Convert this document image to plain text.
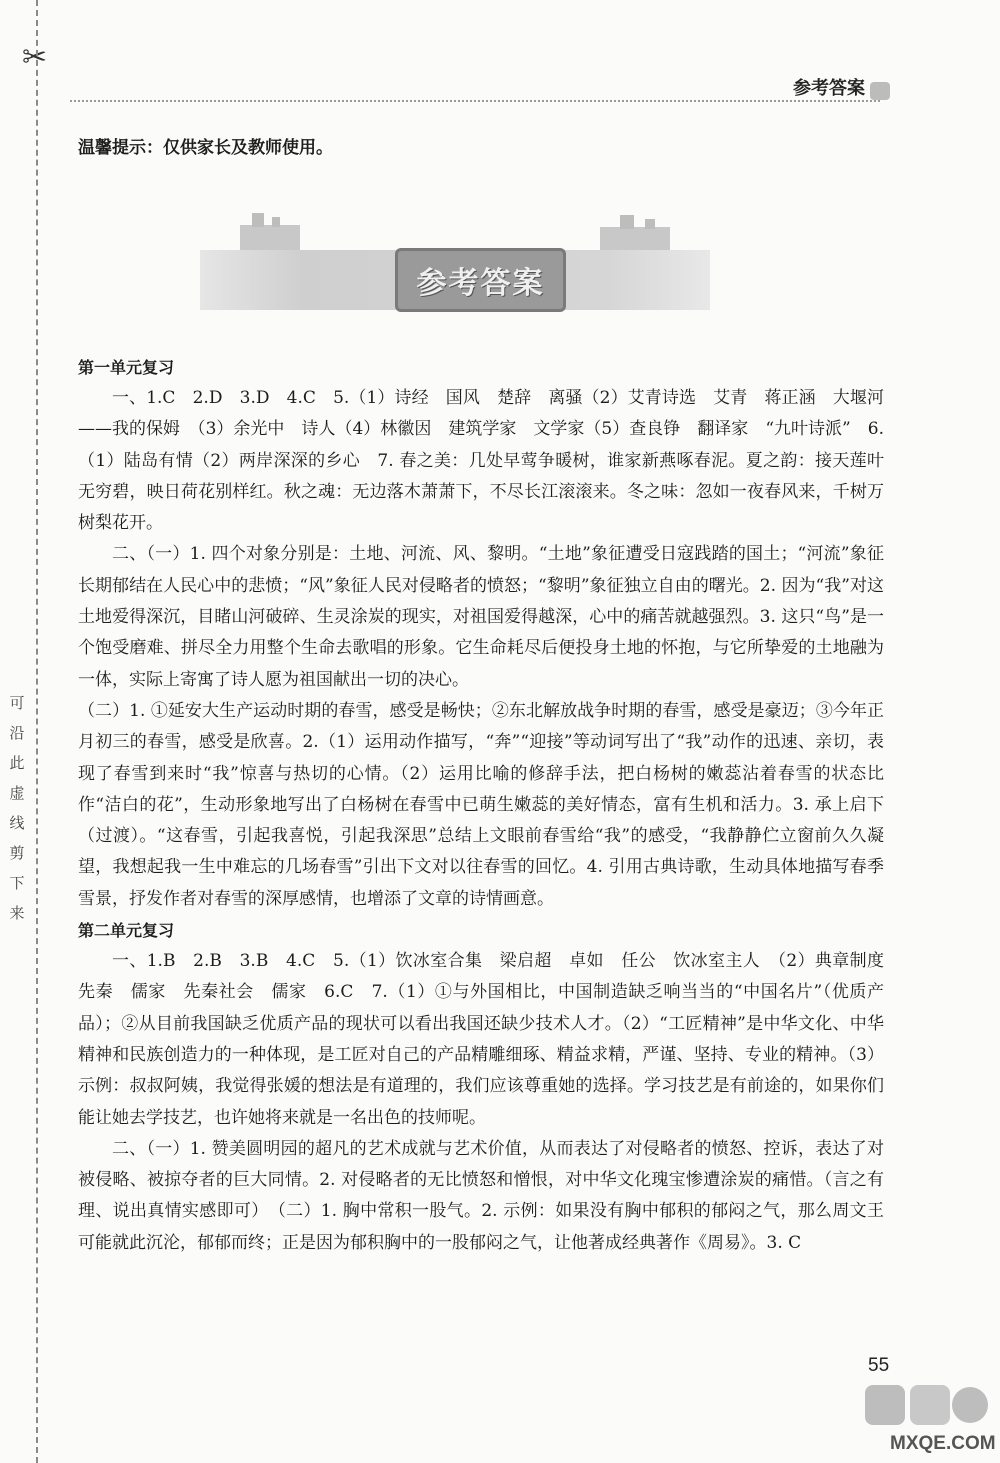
✂
可
沿
此
虚
线
剪
下
来
参考答案
温馨提示：仅供家长及教师使用。
参考答案
第一单元复习

一、1.C　2.D　3.D　4.C　5.（1）诗经　国风　楚辞　离骚（2）艾青诗选　艾青　蒋正涵　大堰河——我的保姆　（3）余光中　诗人（4）林徽因　建筑学家　文学家（5）查良铮　翻译家　“九叶诗派”　6.（1）陆岛有情（2）两岸深深的乡心　7. 春之美：几处早莺争暖树，谁家新燕啄春泥。夏之韵：接天莲叶无穷碧，映日荷花别样红。秋之魂：无边落木萧萧下，不尽长江滚滚来。冬之味：忽如一夜春风来，千树万树梨花开。

二、（一）1. 四个对象分别是：土地、河流、风、黎明。“土地”象征遭受日寇践踏的国土；“河流”象征长期郁结在人民心中的悲愤；“风”象征人民对侵略者的愤怒；“黎明”象征独立自由的曙光。2. 因为“我”对这土地爱得深沉，目睹山河破碎、生灵涂炭的现实，对祖国爱得越深，心中的痛苦就越强烈。3. 这只“鸟”是一个饱受磨难、拼尽全力用整个生命去歌唱的形象。它生命耗尽后便投身土地的怀抱，与它所挚爱的土地融为一体，实际上寄寓了诗人愿为祖国献出一切的决心。

（二）1. ①延安大生产运动时期的春雪，感受是畅快；②东北解放战争时期的春雪，感受是豪迈；③今年正月初三的春雪，感受是欣喜。2.（1）运用动作描写，“奔”“迎接”等动词写出了“我”动作的迅速、亲切，表现了春雪到来时“我”惊喜与热切的心情。（2）运用比喻的修辞手法，把白杨树的嫩蕊沾着春雪的状态比作“洁白的花”，生动形象地写出了白杨树在春雪中已萌生嫩蕊的美好情态，富有生机和活力。3. 承上启下（过渡）。“这春雪，引起我喜悦，引起我深思”总结上文眼前春雪给“我”的感受，“我静静伫立窗前久久凝望，我想起我一生中难忘的几场春雪”引出下文对以往春雪的回忆。4. 引用古典诗歌，生动具体地描写春季雪景，抒发作者对春雪的深厚感情，也增添了文章的诗情画意。

第二单元复习

一、1.B　2.B　3.B　4.C　5.（1）饮冰室合集　梁启超　卓如　任公　饮冰室主人　（2）典章制度　先秦　儒家　先秦社会　儒家　6.C　7.（1）①与外国相比，中国制造缺乏响当当的“中国名片”（优质产品）；②从目前我国缺乏优质产品的现状可以看出我国还缺少技术人才。（2）“工匠精神”是中华文化、中华精神和民族创造力的一种体现，是工匠对自己的产品精雕细琢、精益求精，严谨、坚持、专业的精神。（3）示例：叔叔阿姨，我觉得张媛的想法是有道理的，我们应该尊重她的选择。学习技艺是有前途的，如果你们能让她去学技艺，也许她将来就是一名出色的技师呢。

二、（一）1. 赞美圆明园的超凡的艺术成就与艺术价值，从而表达了对侵略者的愤怒、控诉，表达了对被侵略、被掠夺者的巨大同情。2. 对侵略者的无比愤怒和憎恨，对中华文化瑰宝惨遭涂炭的痛惜。（言之有理、说出真情实感即可）　（二）1. 胸中常积一股气。2. 示例：如果没有胸中郁积的郁闷之气，那么周文王可能就此沉沦，郁郁而终；正是因为郁积胸中的一股郁闷之气，让他著成经典著作《周易》。3. C

55
MXQE.COM
